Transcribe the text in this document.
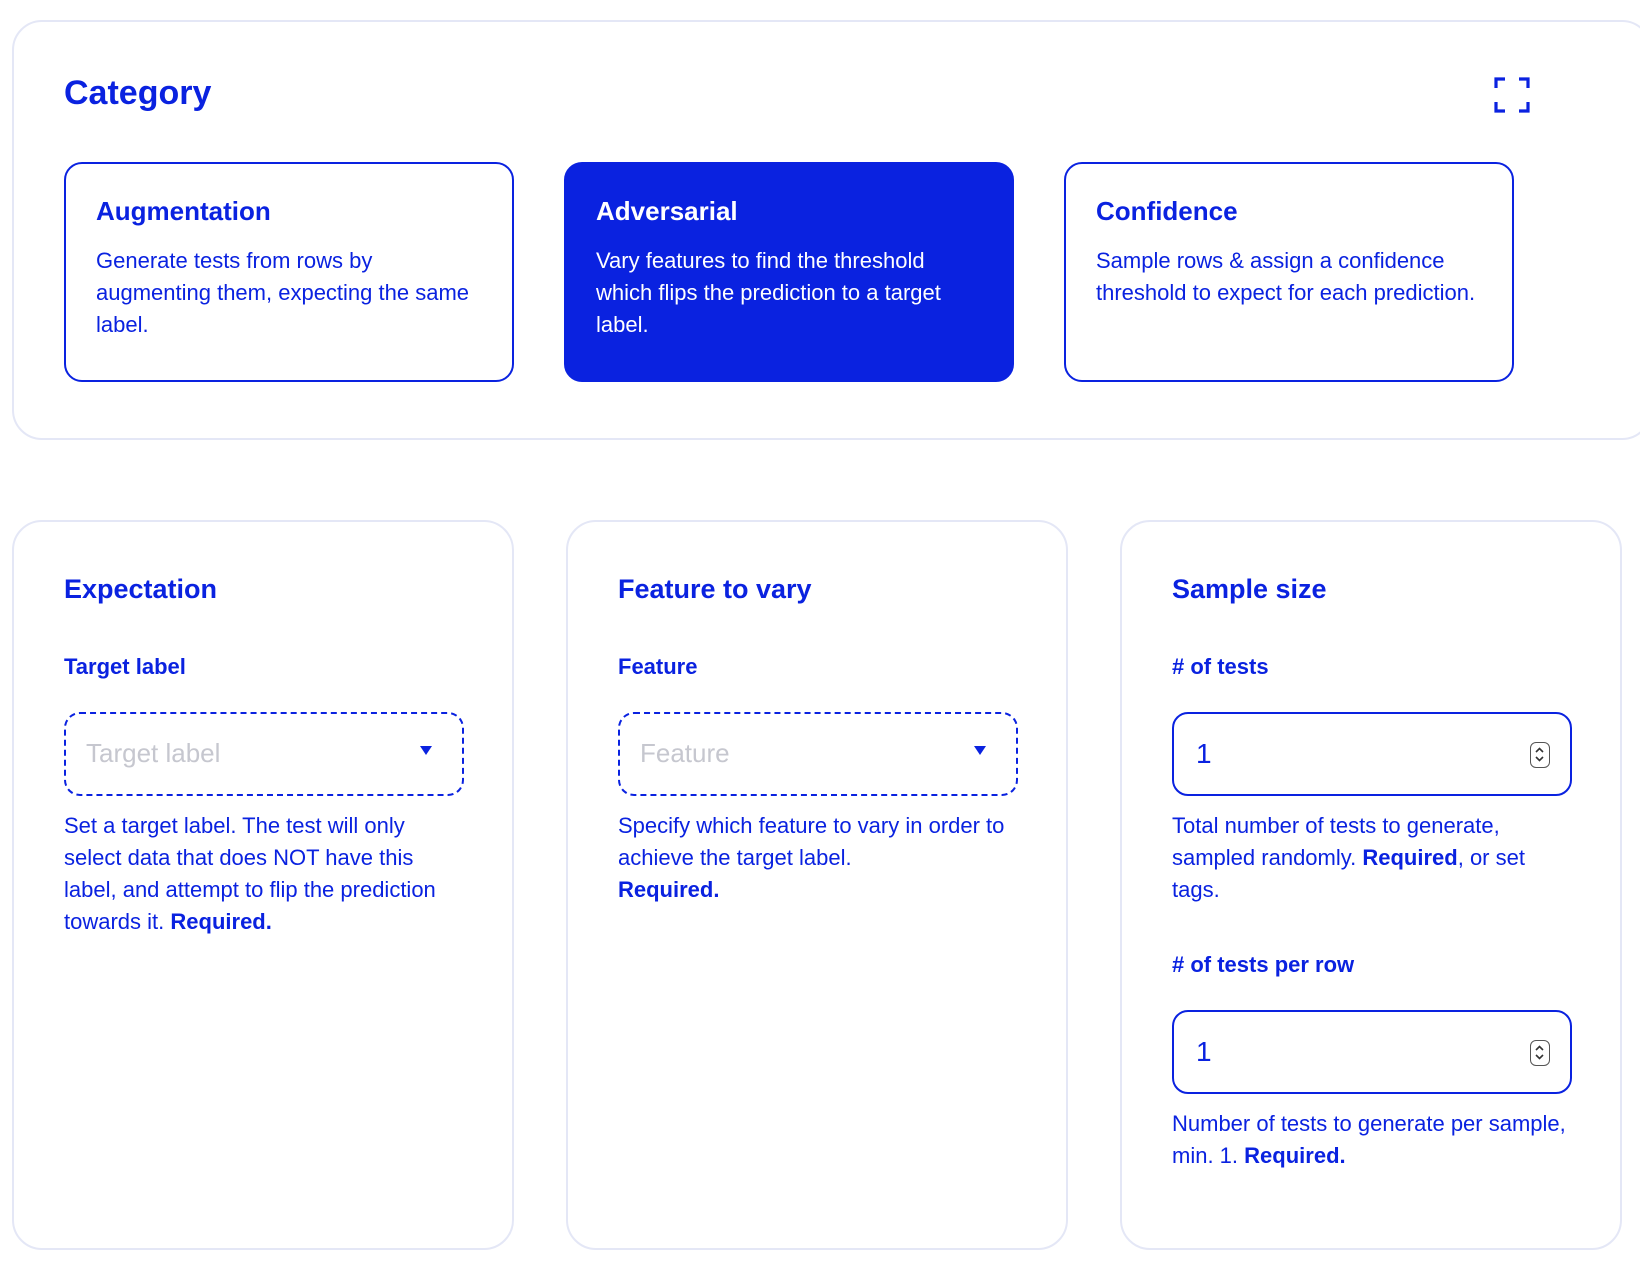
Category
Augmentation
Generate tests from rows by augmenting them, expecting the same label.
Adversarial
Vary features to find the threshold which flips the prediction to a target label.
Confidence
Sample rows & assign a confidence threshold to expect for each prediction.
Expectation
Target label
Target label
Set a target label. The test will only select data that does NOT have this label, and attempt to flip the prediction towards it. Required.
Feature to vary
Feature
Feature
Specify which feature to vary in order to achieve the target label.
Required.
Sample size
# of tests
1
Total number of tests to generate, sampled randomly. Required, or set tags.
# of tests per row
1
Number of tests to generate per sample, min. 1. Required.
